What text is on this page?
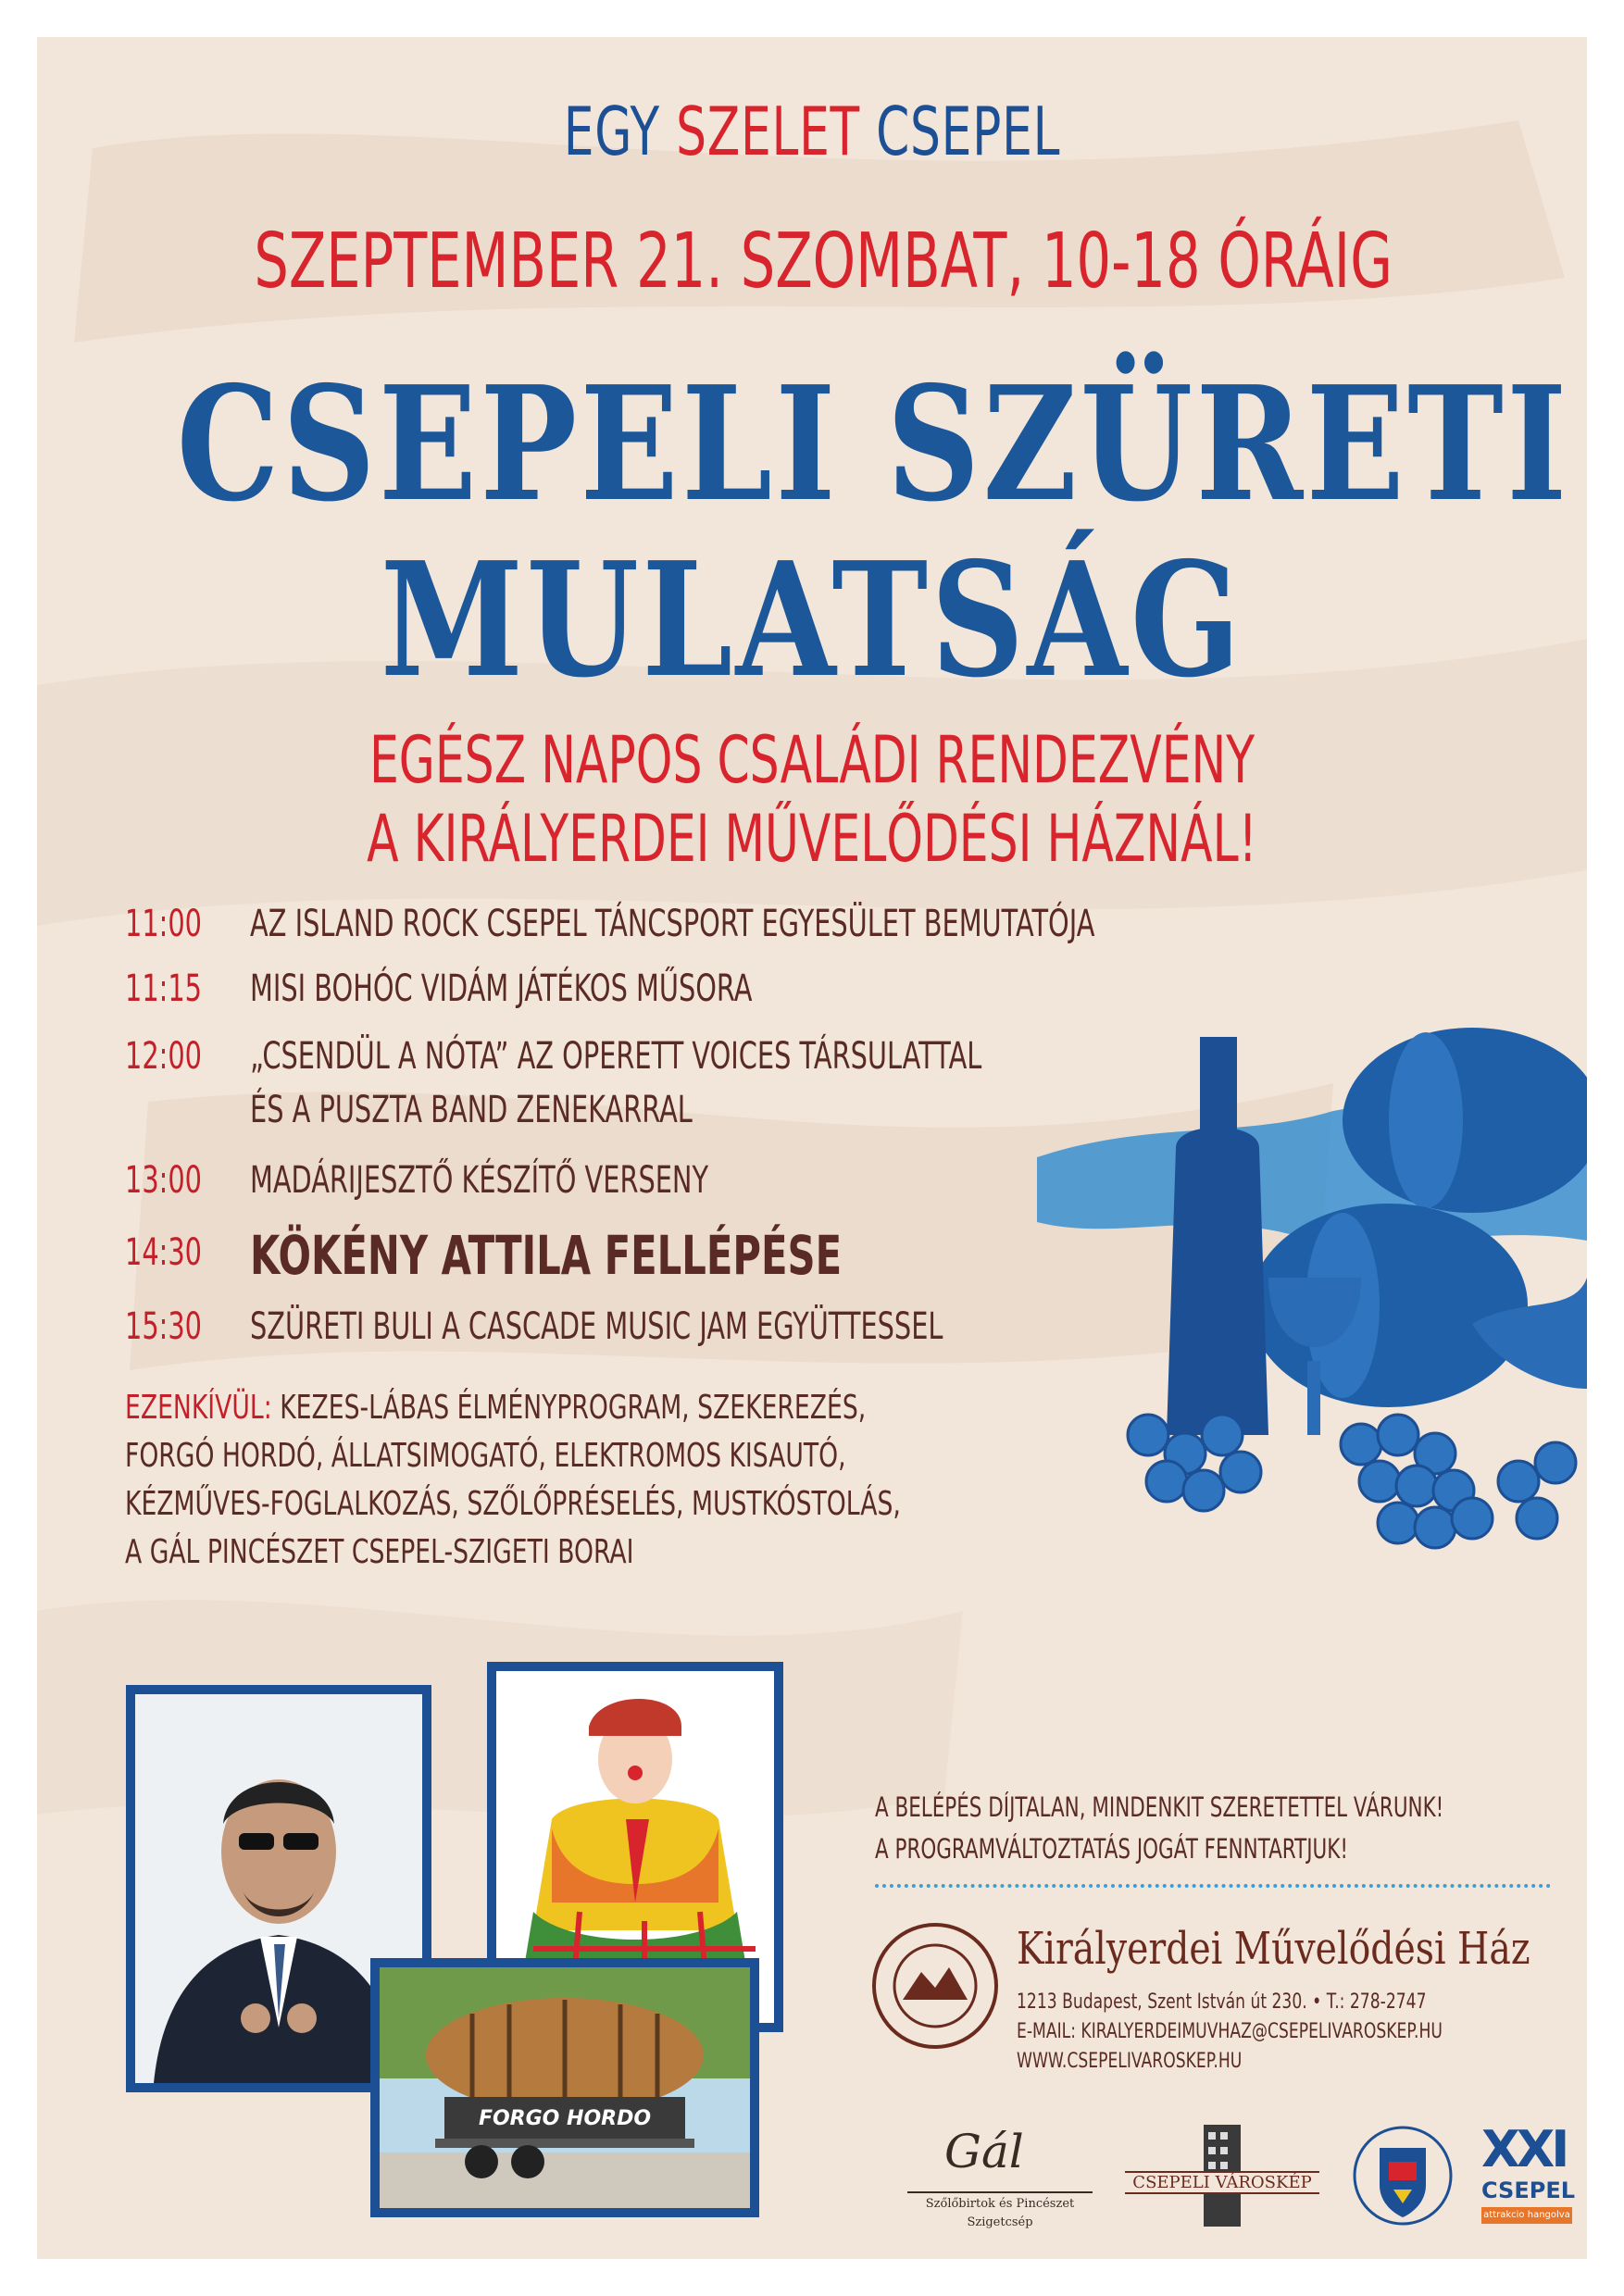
EGY SZELET CSEPEL
SZEPTEMBER 21. SZOMBAT, 10-18 ÓRÁIG
CSEPELI SZÜRETI
MULATSÁG
EGÉSZ NAPOS CSALÁDI RENDEZVÉNY
A KIRÁLYERDEI MŰVELŐDÉSI HÁZNÁL!
11:00 AZ ISLAND ROCK CSEPEL TÁNCSPORT EGYESÜLET BEMUTATÓJA
11:15 MISI BOHÓC VIDÁM JÁTÉKOS MŰSORA
12:00 „CSENDÜL A NÓTA” AZ OPERETT VOICES TÁRSULATTAL
ÉS A PUSZTA BAND ZENEKARRAL
13:00 MADÁRIJESZTŐ KÉSZÍTŐ VERSENY
14:30 KÖKÉNY ATTILA FELLÉPÉSE
15:30 SZÜRETI BULI A CASCADE MUSIC JAM EGYÜTTESSEL
EZENKÍVÜL: KEZES-LÁBAS ÉLMÉNYPROGRAM, SZEKEREZÉS,
FORGÓ HORDÓ, ÁLLATSIMOGATÓ, ELEKTROMOS KISAUTÓ,
KÉZMŰVES-FOGLALKOZÁS, SZŐLŐPRÉSELÉS, MUSTKÓSTOLÁS,
A GÁL PINCÉSZET CSEPEL-SZIGETI BORAI
FORGO HORDO
A BELÉPÉS DÍJTALAN, MINDENKIT SZERETETTEL VÁRUNK!
A PROGRAMVÁLTOZTATÁS JOGÁT FENNTARTJUK!
Királyerdei Művelődési Ház
1213 Budapest, Szent István út 230. • T.: 278-2747
E-MAIL: KIRALYERDEIMUVHAZ@CSEPELIVAROSKEP.HU
WWW.CSEPELIVAROSKEP.HU
Gál
Szőlőbirtok és Pincészet
Szigetcsép
CSEPELI VÁROSKÉP
XXI
CSEPEL
attrakcio hangolva
